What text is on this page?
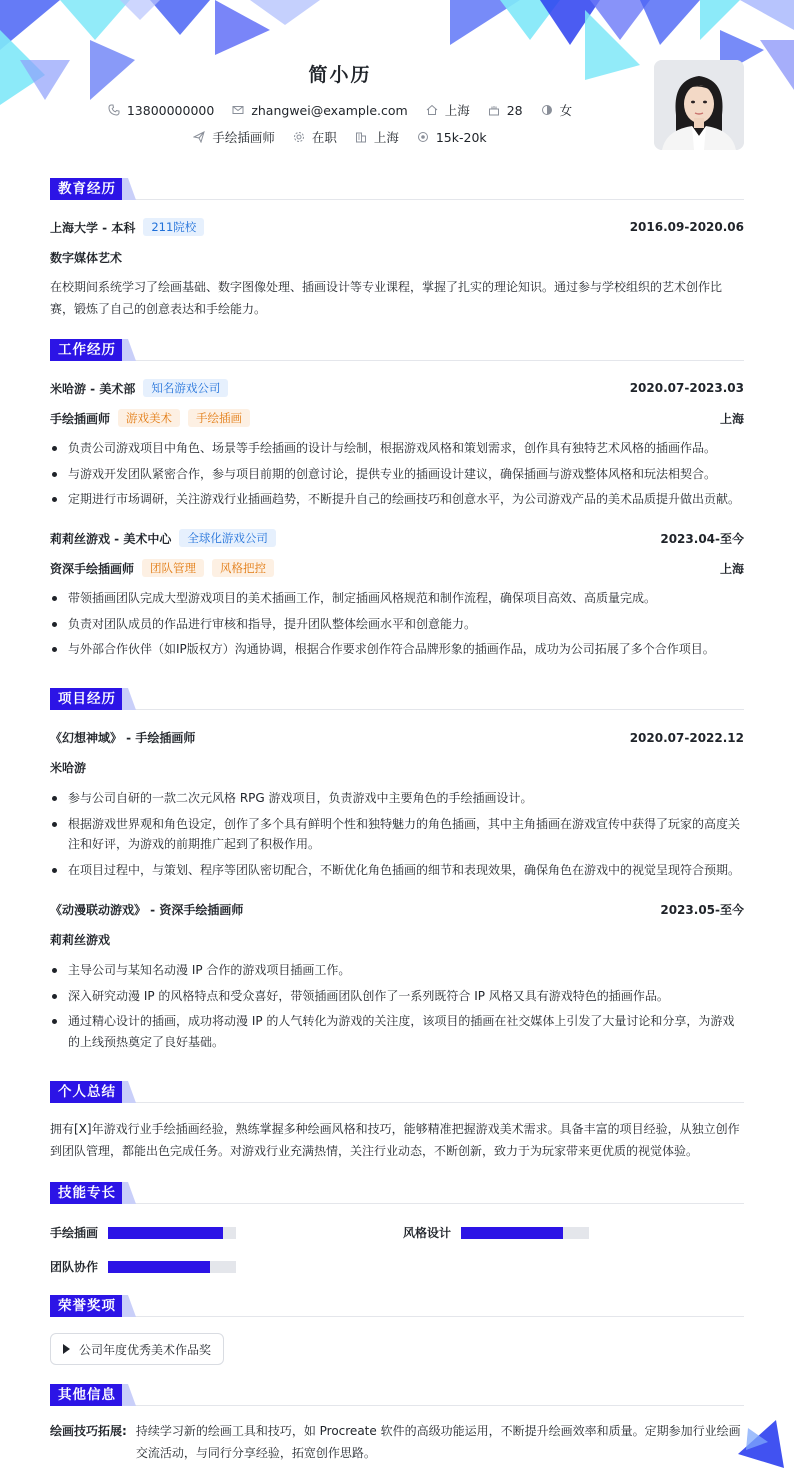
简小历
13800000000	zhangwei@example.com	上海	28	女
手绘插画师	在职	上海	15k-20k
教育经历
上海大学 - 本科	211院校	2016.09-2020.06
数字媒体艺术
在校期间系统学习了绘画基础、数字图像处理、插画设计等专业课程，掌握了扎实的理论知识。通过参与学校组织的艺术创作比赛，锻炼了自己的创意表达和手绘能力。
工作经历
米哈游 - 美术部	知名游戏公司	2020.07-2023.03
手绘插画师	游戏美术	手绘插画	上海
负责公司游戏项目中角色、场景等手绘插画的设计与绘制，根据游戏风格和策划需求，创作具有独特艺术风格的插画作品。
与游戏开发团队紧密合作，参与项目前期的创意讨论，提供专业的插画设计建议，确保插画与游戏整体风格和玩法相契合。
定期进行市场调研，关注游戏行业插画趋势，不断提升自己的绘画技巧和创意水平，为公司游戏产品的美术品质提升做出贡献。
莉莉丝游戏 - 美术中心	全球化游戏公司	2023.04-至今
资深手绘插画师	团队管理	风格把控	上海
带领插画团队完成大型游戏项目的美术插画工作，制定插画风格规范和制作流程，确保项目高效、高质量完成。
负责对团队成员的作品进行审核和指导，提升团队整体绘画水平和创意能力。
与外部合作伙伴（如IP版权方）沟通协调，根据合作要求创作符合品牌形象的插画作品，成功为公司拓展了多个合作项目。
项目经历
《幻想神域》 - 手绘插画师	2020.07-2022.12
米哈游
参与公司自研的一款二次元风格 RPG 游戏项目，负责游戏中主要角色的手绘插画设计。
根据游戏世界观和角色设定，创作了多个具有鲜明个性和独特魅力的角色插画，其中主角插画在游戏宣传中获得了玩家的高度关注和好评，为游戏的前期推广起到了积极作用。
在项目过程中，与策划、程序等团队密切配合，不断优化角色插画的细节和表现效果，确保角色在游戏中的视觉呈现符合预期。
《动漫联动游戏》 - 资深手绘插画师	2023.05-至今
莉莉丝游戏
主导公司与某知名动漫 IP 合作的游戏项目插画工作。
深入研究动漫 IP 的风格特点和受众喜好，带领插画团队创作了一系列既符合 IP 风格又具有游戏特色的插画作品。
通过精心设计的插画，成功将动漫 IP 的人气转化为游戏的关注度，该项目的插画在社交媒体上引发了大量讨论和分享，为游戏的上线预热奠定了良好基础。
个人总结
拥有[X]年游戏行业手绘插画经验，熟练掌握多种绘画风格和技巧，能够精准把握游戏美术需求。具备丰富的项目经验，从独立创作到团队管理，都能出色完成任务。对游戏行业充满热情，关注行业动态，不断创新，致力于为玩家带来更优质的视觉体验。
技能专长
手绘插画	风格设计
团队协作
荣誉奖项
公司年度优秀美术作品奖
其他信息
绘画技巧拓展: 持续学习新的绘画工具和技巧，如 Procreate 软件的高级功能运用，不断提升绘画效率和质量。定期参加行业绘画交流活动，与同行分享经验，拓宽创作思路。
